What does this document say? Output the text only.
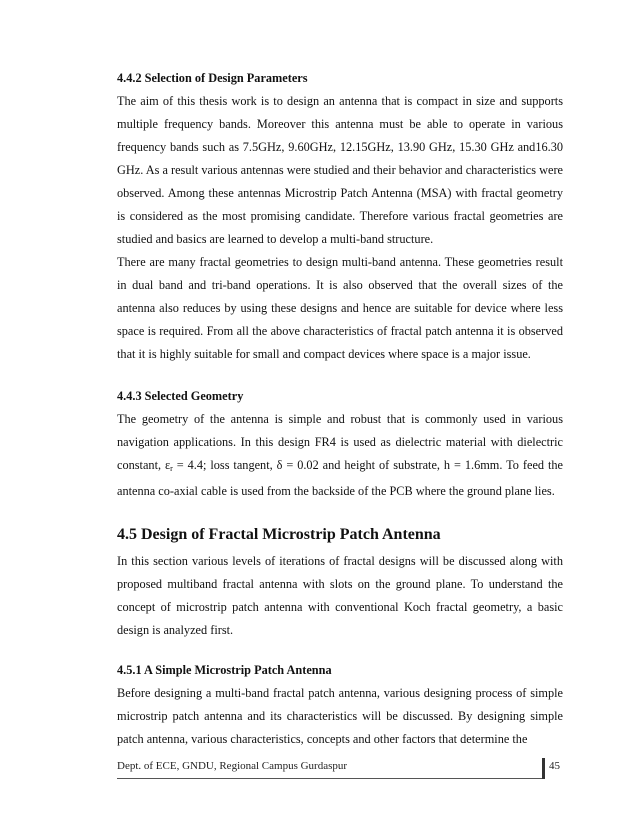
4.4.2 Selection of Design Parameters

The aim of this thesis work is to design an antenna that is compact in size and supports multiple frequency bands. Moreover this antenna must be able to operate in various frequency bands such as 7.5GHz, 9.60GHz, 12.15GHz, 13.90 GHz, 15.30 GHz and16.30 GHz. As a result various antennas were studied and their behavior and characteristics were observed. Among these antennas Microstrip Patch Antenna (MSA) with fractal geometry is considered as the most promising candidate. Therefore various fractal geometries are studied and basics are learned to develop a multi-band structure.

There are many fractal geometries to design multi-band antenna. These geometries result in dual band and tri-band operations. It is also observed that the overall sizes of the antenna also reduces by using these designs and hence are suitable for device where less space is required. From all the above characteristics of fractal patch antenna it is observed that it is highly suitable for small and compact devices where space is a major issue.

4.4.3 Selected Geometry

The geometry of the antenna is simple and robust that is commonly used in various navigation applications. In this design FR4 is used as dielectric material with dielectric constant, $\varepsilon_r = 4.4$; loss tangent, δ = 0.02 and height of substrate, h = 1.6mm. To feed the antenna co-axial cable is used from the backside of the PCB where the ground plane lies.

4.5 Design of Fractal Microstrip Patch Antenna

In this section various levels of iterations of fractal designs will be discussed along with proposed multiband fractal antenna with slots on the ground plane. To understand the concept of microstrip patch antenna with conventional Koch fractal geometry, a basic design is analyzed first.

4.5.1 A Simple Microstrip Patch Antenna

Before designing a multi-band fractal patch antenna, various designing process of simple microstrip patch antenna and its characteristics will be discussed. By designing simple patch antenna, various characteristics, concepts and other factors that determine the

Dept. of ECE, GNDU, Regional Campus Gurdaspur	45
